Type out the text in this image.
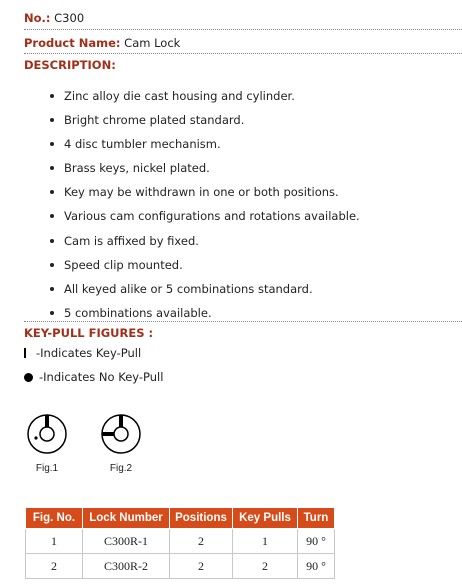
No.: C300
Product Name: Cam Lock
DESCRIPTION:
Zinc alloy die cast housing and cylinder.
Bright chrome plated standard.
4 disc tumbler mechanism.
Brass keys, nickel plated.
Key may be withdrawn in one or both positions.
Various cam configurations and rotations available.
Cam is affixed by fixed.
Speed clip mounted.
All keyed alike or 5 combinations standard.
5 combinations available.
KEY-PULL FIGURES :
-Indicates Key-Pull
-Indicates No Key-Pull
Fig.1	Fig.2
Fig. No.	Lock Number	Positions	Key Pulls	Turn
1	C300R-1	2	1	90 °
2	C300R-2	2	2	90 °
